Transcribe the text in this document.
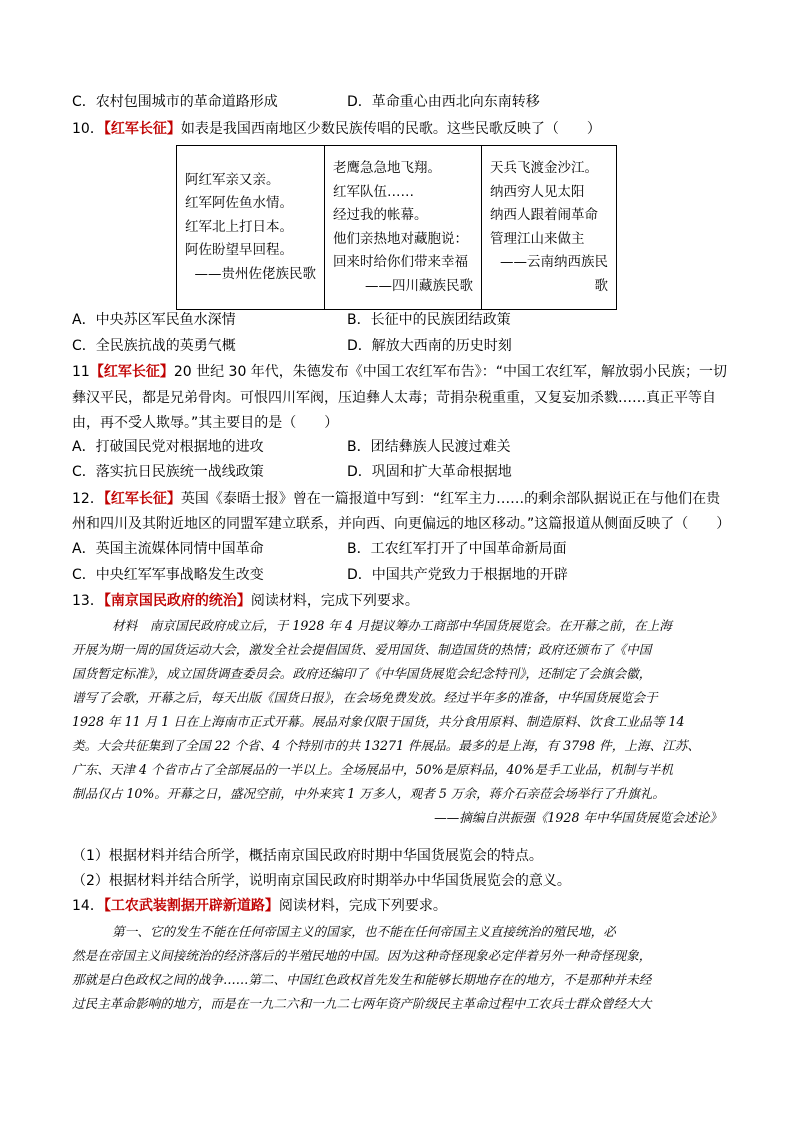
C．农村包围城市的革命道路形成	D．革命重心由西北向东南转移
10．【红军长征】如表是我国西南地区少数民族传唱的民歌。这些民歌反映了（　　）
阿红军亲又亲。
红军阿佐鱼水情。
红军北上打日本。
阿佐盼望早回程。
——贵州佐佬族民歌

老鹰急急地飞翔。
红军队伍……
经过我的帐幕。
他们亲热地对藏胞说：
回来时给你们带来幸福
——四川藏族民歌

天兵飞渡金沙江。
纳西穷人见太阳
纳西人跟着闹革命
管理江山来做主
——云南纳西族民歌
A．中央苏区军民鱼水深情	B．长征中的民族团结政策
C．全民族抗战的英勇气概	D．解放大西南的历史时刻
11【红军长征】20 世纪 30 年代，朱德发布《中国工农红军布告》：“中国工农红军，解放弱小民族；一切
彝汉平民，都是兄弟骨肉。可恨四川军阀，压迫彝人太毒；苛捐杂税重重，又复妄加杀戮……真正平等自
由，再不受人欺辱。”其主要目的是（　　）
A．打破国民党对根据地的进攻	B．团结彝族人民渡过难关
C．落实抗日民族统一战线政策	D．巩固和扩大革命根据地
12．【红军长征】英国《泰晤士报》曾在一篇报道中写到：“红军主力……的剩余部队据说正在与他们在贵
州和四川及其附近地区的同盟军建立联系，并向西、向更偏远的地区移动。”这篇报道从侧面反映了（　　）
A．英国主流媒体同情中国革命	B．工农红军打开了中国革命新局面
C．中央红军军事战略发生改变	D．中国共产党致力于根据地的开辟
13．【南京国民政府的统治】阅读材料，完成下列要求。

材料　 南京国民政府成立后，于 1928 年 4 月提议筹办工商部中华国货展览会。在开幕之前，在上海

开展为期一周的国货运动大会，激发全社会提倡国货、爱用国货、制造国货的热情；政府还颁布了《中国

国货暂定标准》，成立国货调查委员会。政府还编印了《中华国货展览会纪念特刊》，还制定了会旗会徽，

谱写了会歌，开幕之后，每天出版《国货日报》，在会场免费发放。经过半年多的准备，中华国货展览会于

1928 年 11 月 1 日在上海南市正式开幕。展品对象仅限于国货，共分食用原料、制造原料、饮食工业品等 14

类。大会共征集到了全国 22 个省、4 个特别市的共 13271 件展品。最多的是上海，有 3798 件，上海、江苏、

广东、天津 4 个省市占了全部展品的一半以上。全场展品中，50%是原料品，40%是手工业品，机制与半机

制品仅占 10%。开幕之日，盛况空前，中外来宾 1 万多人，观者 5 万余，蒋介石亲莅会场举行了升旗礼。

——摘编自洪振强《1928 年中华国货展览会述论》

（1）根据材料并结合所学，概括南京国民政府时期中华国货展览会的特点。
（2）根据材料并结合所学，说明南京国民政府时期举办中华国货展览会的意义。
14．【工农武装割据开辟新道路】阅读材料，完成下列要求。

第一、它的发生不能在任何帝国主义的国家，也不能在任何帝国主义直接统治的殖民地，必

然是在帝国主义间接统治的经济落后的半殖民地的中国。因为这种奇怪现象必定伴着另外一种奇怪现象，

那就是白色政权之间的战争……第二、中国红色政权首先发生和能够长期地存在的地方，不是那种并未经

过民主革命影响的地方，而是在一九二六和一九二七两年资产阶级民主革命过程中工农兵士群众曾经大大
